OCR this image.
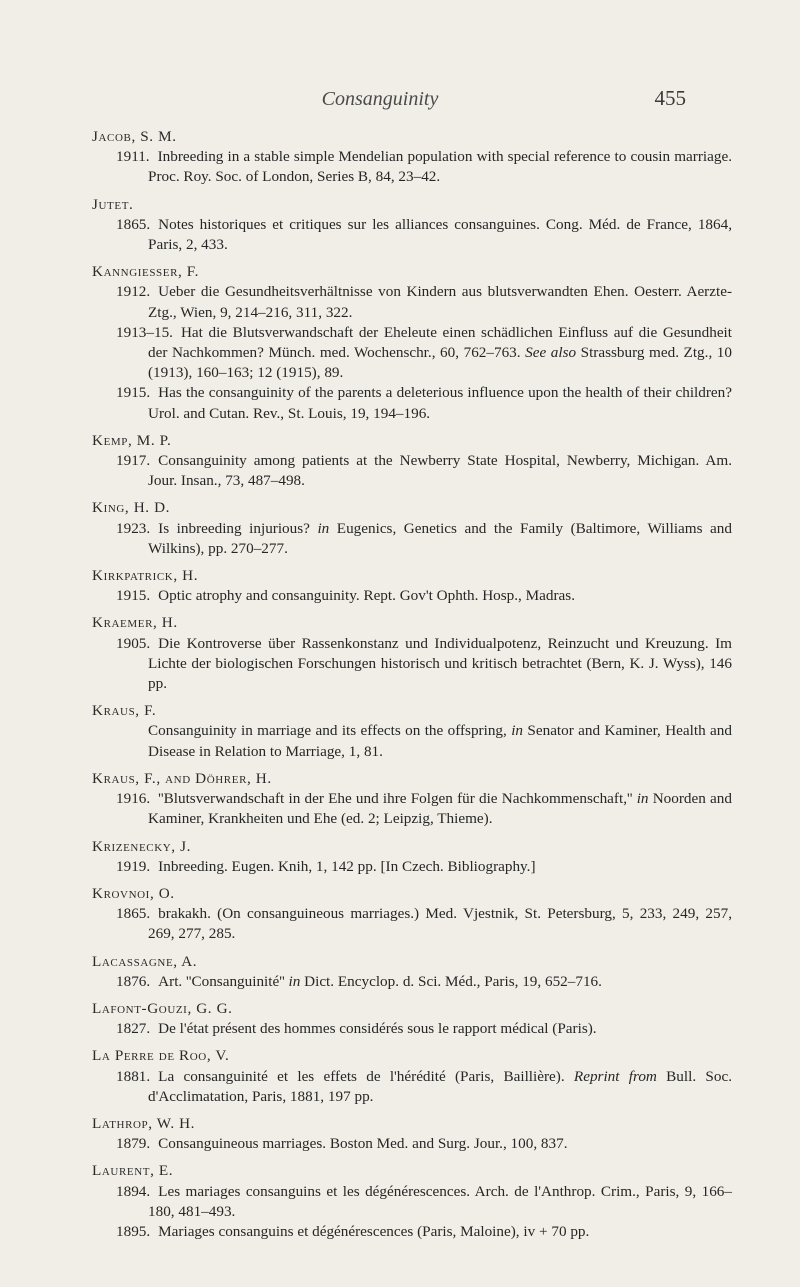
Consanguinity	455
Jacob, S. M.
1911. Inbreeding in a stable simple Mendelian population with special reference to cousin marriage. Proc. Roy. Soc. of London, Series B, 84, 23–42.
Jutet.
1865. Notes historiques et critiques sur les alliances consanguines. Cong. Méd. de France, 1864, Paris, 2, 433.
Kanngiesser, F.
1912. Ueber die Gesundheitsverhältnisse von Kindern aus blutsverwandten Ehen. Oesterr. Aerzte-Ztg., Wien, 9, 214–216, 311, 322.
1913–15. Hat die Blutsverwandschaft der Eheleute einen schädlichen Einfluss auf die Gesundheit der Nachkommen? Münch. med. Wochenschr., 60, 762–763. See also Strassburg med. Ztg., 10 (1913), 160–163; 12 (1915), 89.
1915. Has the consanguinity of the parents a deleterious influence upon the health of their children? Urol. and Cutan. Rev., St. Louis, 19, 194–196.
Kemp, M. P.
1917. Consanguinity among patients at the Newberry State Hospital, Newberry, Michigan. Am. Jour. Insan., 73, 487–498.
King, H. D.
1923. Is inbreeding injurious? in Eugenics, Genetics and the Family (Baltimore, Williams and Wilkins), pp. 270–277.
Kirkpatrick, H.
1915. Optic atrophy and consanguinity. Rept. Gov't Ophth. Hosp., Madras.
Kraemer, H.
1905. Die Kontroverse über Rassenkonstanz und Individualpotenz, Reinzucht und Kreuzung. Im Lichte der biologischen Forschungen historisch und kritisch betrachtet (Bern, K. J. Wyss), 146 pp.
Kraus, F.
Consanguinity in marriage and its effects on the offspring, in Senator and Kaminer, Health and Disease in Relation to Marriage, 1, 81.
Kraus, F., and Döhrer, H.
1916. ''Blutsverwandschaft in der Ehe und ihre Folgen für die Nachkommenschaft,'' in Noorden and Kaminer, Krankheiten und Ehe (ed. 2; Leipzig, Thieme).
Krizenecky, J.
1919. Inbreeding. Eugen. Knih, 1, 142 pp. [In Czech. Bibliography.]
Krovnoi, O.
1865. brakakh. (On consanguineous marriages.) Med. Vjestnik, St. Petersburg, 5, 233, 249, 257, 269, 277, 285.
Lacassagne, A.
1876. Art. ''Consanguinité'' in Dict. Encyclop. d. Sci. Méd., Paris, 19, 652–716.
Lafont-Gouzi, G. G.
1827. De l'état présent des hommes considérés sous le rapport médical (Paris).
La Perre de Roo, V.
1881. La consanguinité et les effets de l'hérédité (Paris, Baillière). Reprint from Bull. Soc. d'Acclimatation, Paris, 1881, 197 pp.
Lathrop, W. H.
1879. Consanguineous marriages. Boston Med. and Surg. Jour., 100, 837.
Laurent, E.
1894. Les mariages consanguins et les dégénérescences. Arch. de l'Anthrop. Crim., Paris, 9, 166–180, 481–493.
1895. Mariages consanguins et dégénérescences (Paris, Maloine), iv + 70 pp.
